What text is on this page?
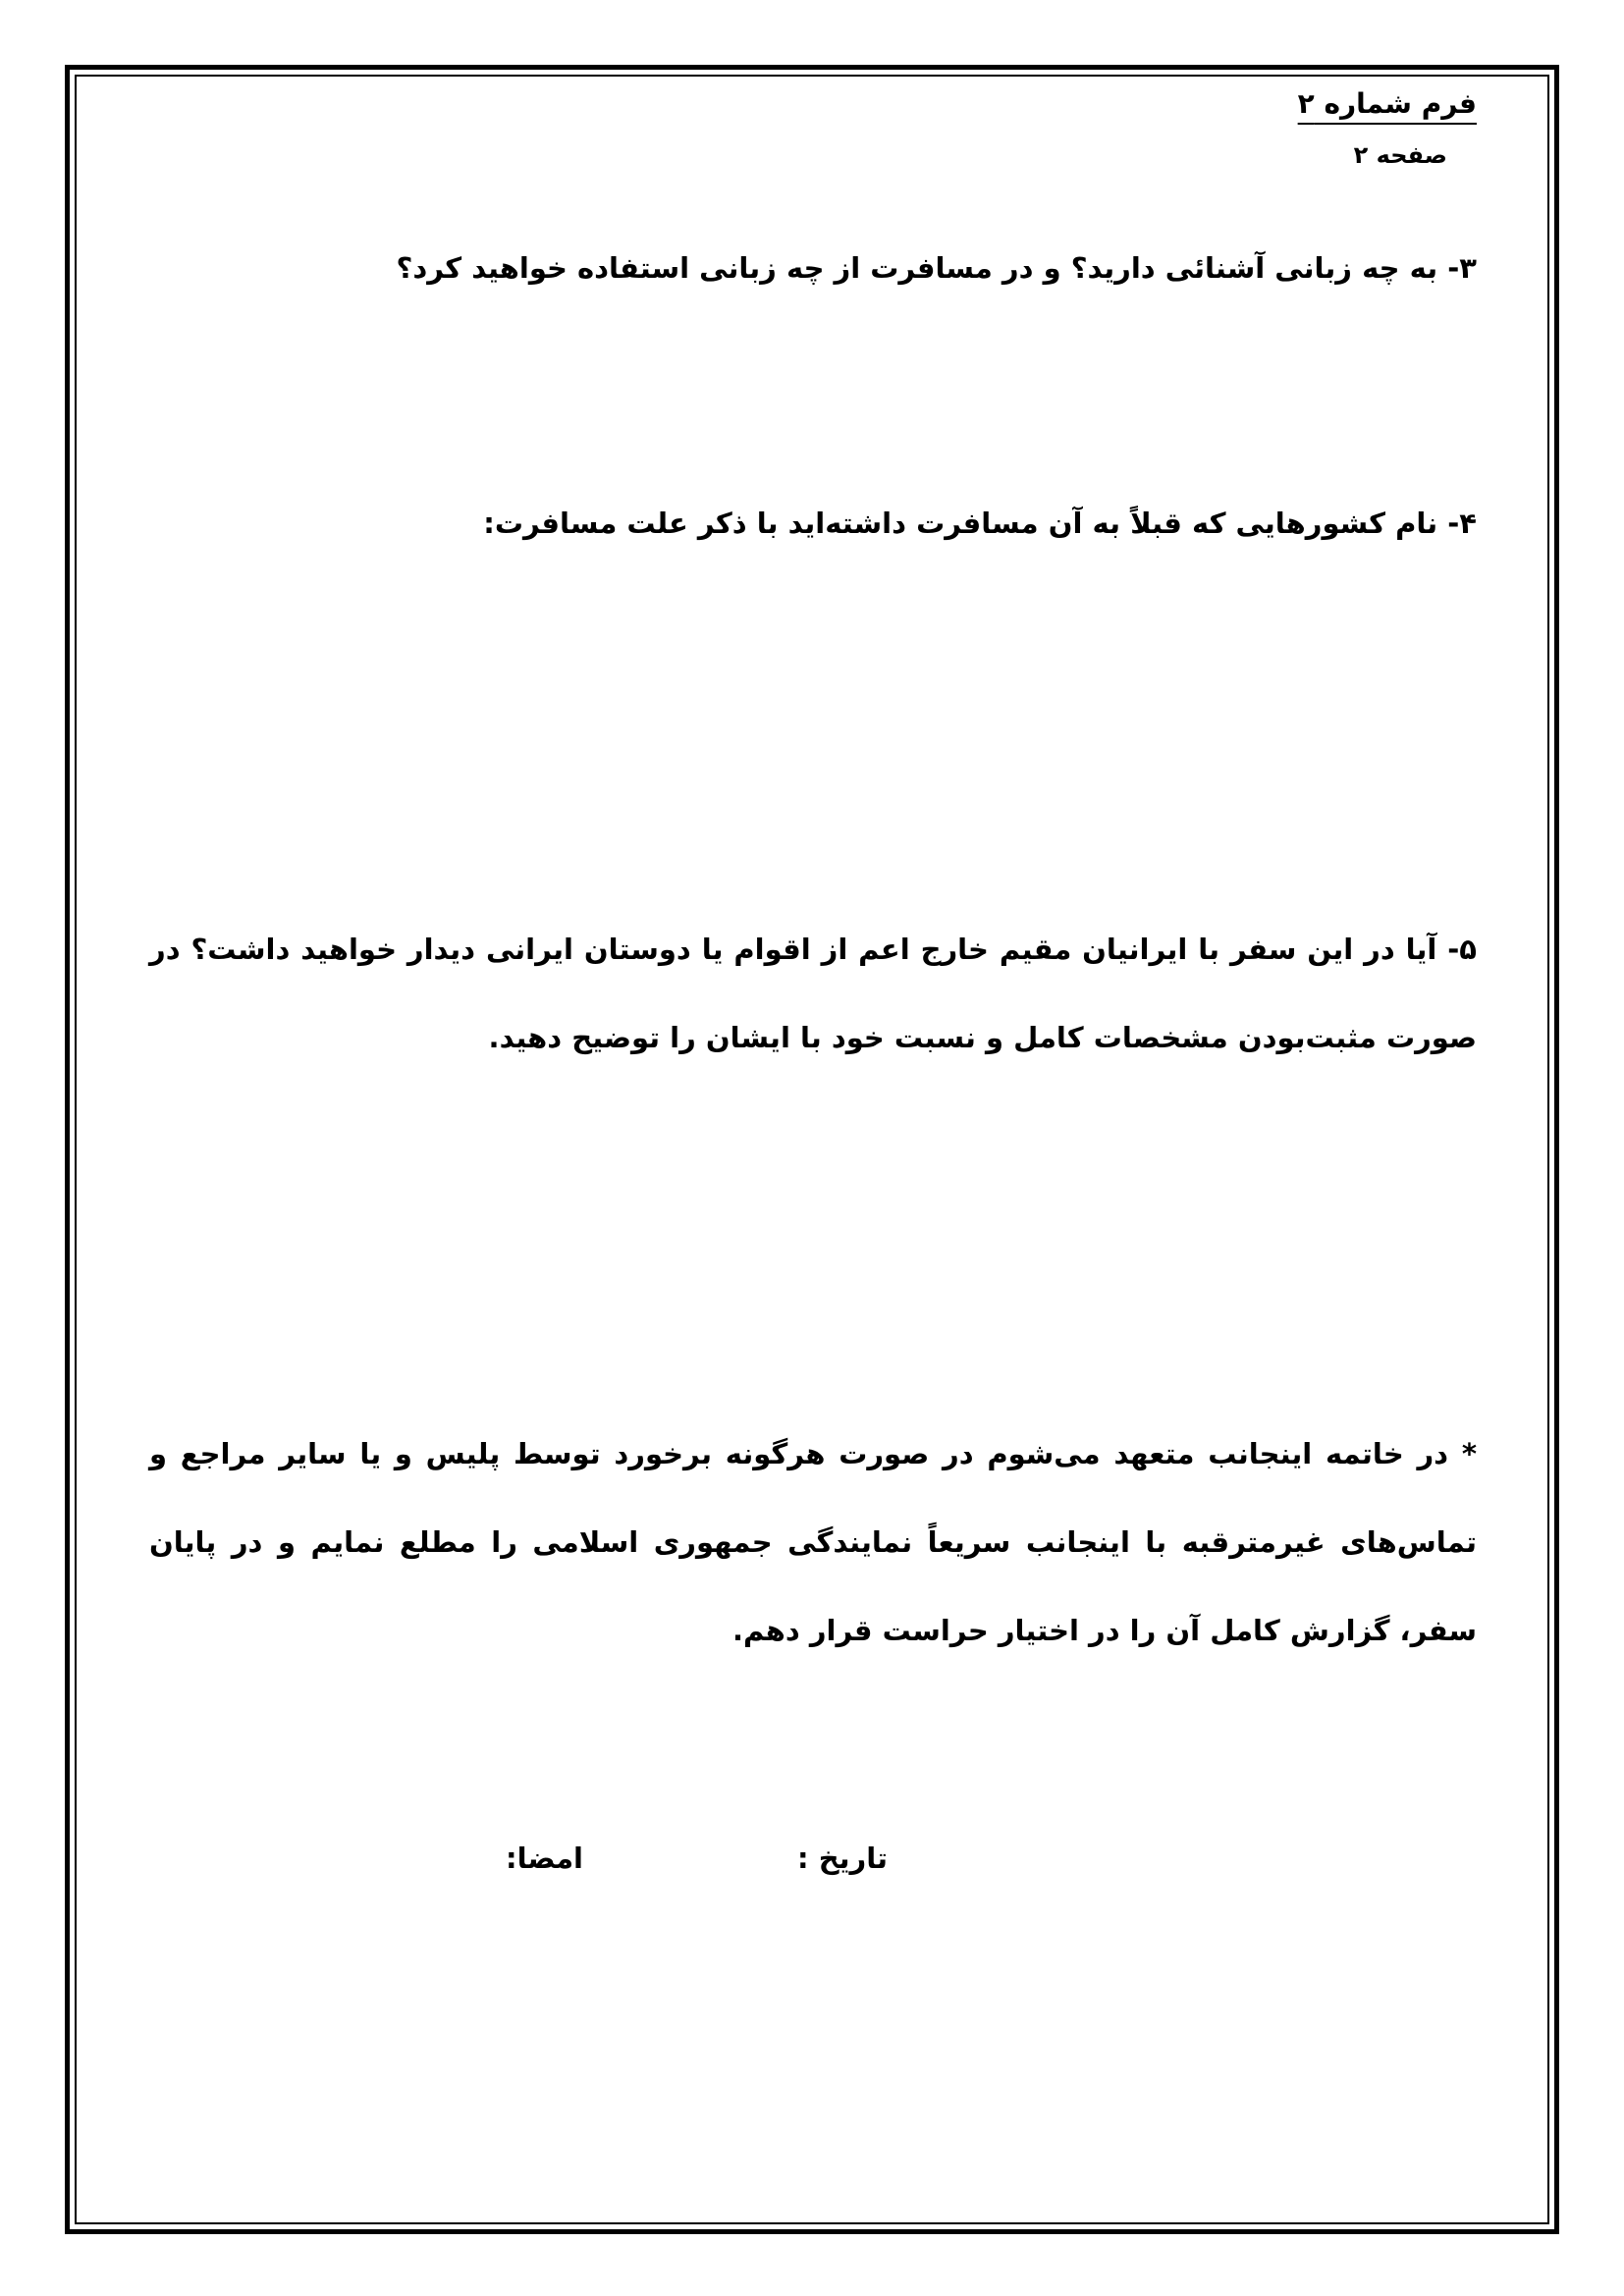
فرم شماره ۲
صفحه ۲
۳- به چه زبانی آشنائی دارید؟ و در مسافرت از چه زبانی استفاده خواهید کرد؟
۴- نام کشورهایی که قبلاً به آن مسافرت داشته‌اید با ذکر علت مسافرت:
۵- آیا در این سفر با ایرانیان مقیم خارج اعم از اقوام یا دوستان ایرانی دیدار خواهید داشت؟ در صورت مثبت‌بودن مشخصات کامل و نسبت خود با ایشان را توضیح دهید.
* در خاتمه اینجانب متعهد می‌شوم در صورت هرگونه برخورد توسط پلیس و یا سایر مراجع و تماس‌های غیرمترقبه با اینجانب سریعاً نمایندگی جمهوری اسلامی را مطلع نمایم و در پایان سفر، گزارش کامل آن را در اختیار حراست قرار دهم.
تاریخ :
امضا:
